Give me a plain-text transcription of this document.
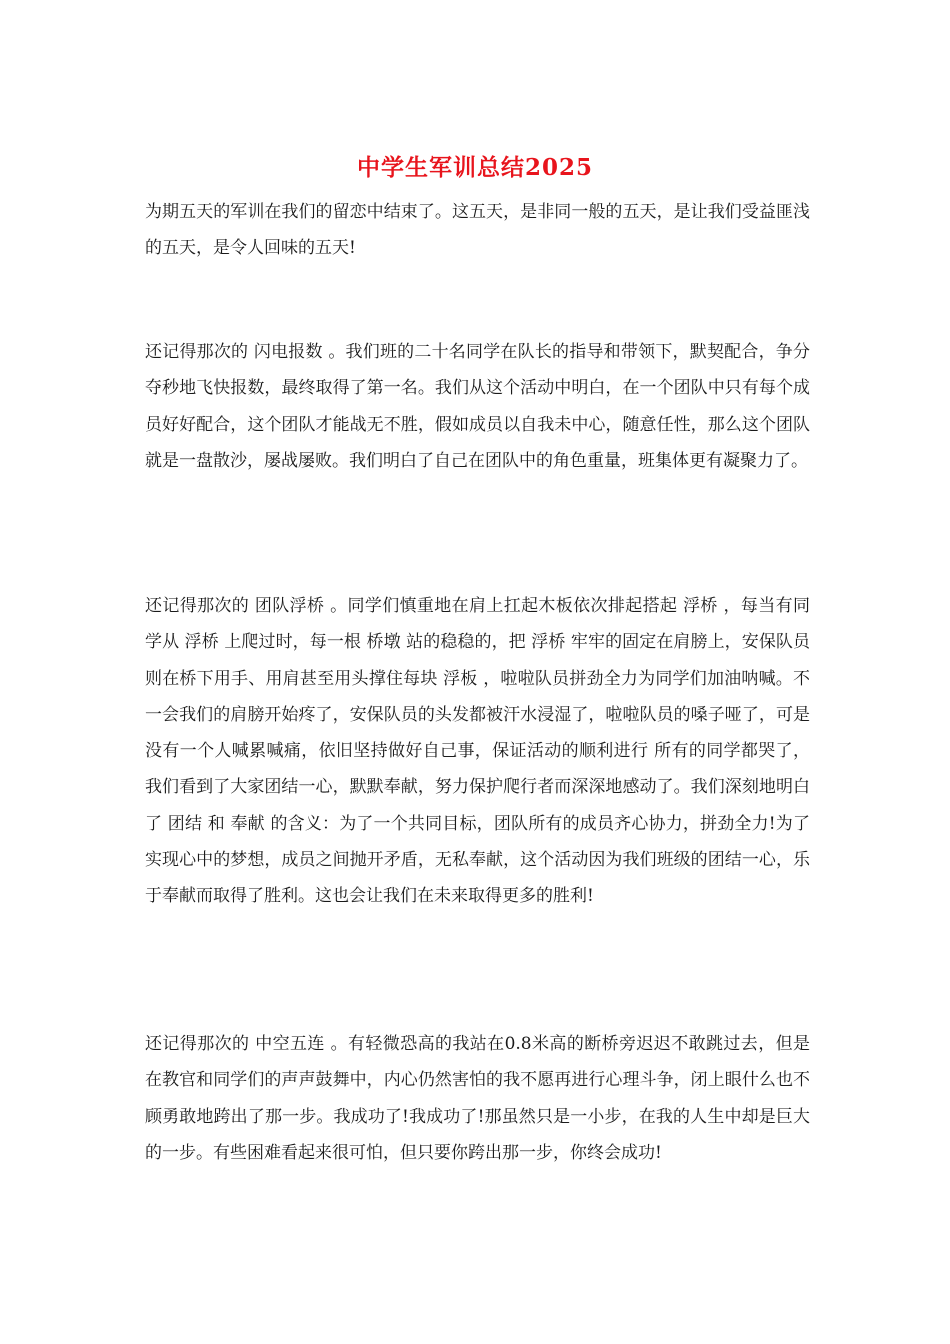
中学生军训总结2025

为期五天的军训在我们的留恋中结束了。这五天，是非同一般的五天，是让我们受益匪浅的五天，是令人回味的五天!

还记得那次的 闪电报数 。我们班的二十名同学在队长的指导和带领下，默契配合，争分夺秒地飞快报数，最终取得了第一名。我们从这个活动中明白，在一个团队中只有每个成员好好配合，这个团队才能战无不胜，假如成员以自我未中心，随意任性，那么这个团队就是一盘散沙，屡战屡败。我们明白了自己在团队中的角色重量，班集体更有凝聚力了。

还记得那次的 团队浮桥 。同学们慎重地在肩上扛起木板依次排起搭起 浮桥 ，每当有同学从 浮桥 上爬过时，每一根 桥墩 站的稳稳的，把 浮桥 牢牢的固定在肩膀上，安保队员则在桥下用手、用肩甚至用头撑住每块 浮板 ，啦啦队员拼劲全力为同学们加油呐喊。不一会我们的肩膀开始疼了，安保队员的头发都被汗水浸湿了，啦啦队员的嗓子哑了，可是没有一个人喊累喊痛，依旧坚持做好自己事，保证活动的顺利进行 所有的同学都哭了，我们看到了大家团结一心，默默奉献，努力保护爬行者而深深地感动了。我们深刻地明白了 团结 和 奉献 的含义：为了一个共同目标，团队所有的成员齐心协力，拼劲全力!为了实现心中的梦想，成员之间抛开矛盾，无私奉献，这个活动因为我们班级的团结一心，乐于奉献而取得了胜利。这也会让我们在未来取得更多的胜利!

还记得那次的 中空五连 。有轻微恐高的我站在0.8米高的断桥旁迟迟不敢跳过去，但是在教官和同学们的声声鼓舞中，内心仍然害怕的我不愿再进行心理斗争，闭上眼什么也不顾勇敢地跨出了那一步。我成功了!我成功了!那虽然只是一小步，在我的人生中却是巨大的一步。有些困难看起来很可怕，但只要你跨出那一步，你终会成功!
